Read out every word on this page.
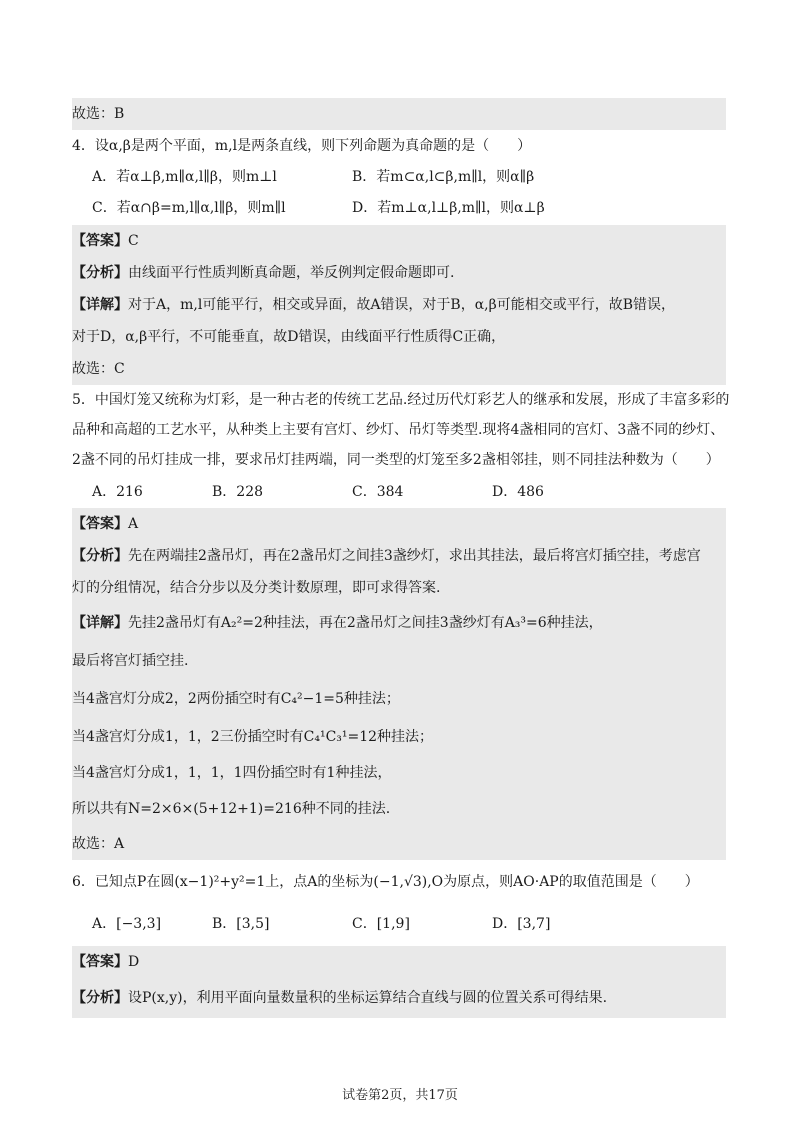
故选：B
4．设α,β是两个平面，m,l是两条直线，则下列命题为真命题的是（　　）
A．若α⊥β,m∥α,l∥β，则m⊥l	B．若m⊂α,l⊂β,m∥l，则α∥β
C．若α∩β=m,l∥α,l∥β，则m∥l	D．若m⊥α,l⊥β,m∥l，则α⊥β
【答案】C
【分析】由线面平行性质判断真命题，举反例判定假命题即可.
【详解】对于A，m,l可能平行，相交或异面，故A错误，对于B，α,β可能相交或平行，故B错误，
对于D，α,β平行，不可能垂直，故D错误，由线面平行性质得C正确，
故选：C
5．中国灯笼又统称为灯彩，是一种古老的传统工艺品.经过历代灯彩艺人的继承和发展，形成了丰富多彩的
品种和高超的工艺水平，从种类上主要有宫灯、纱灯、吊灯等类型.现将4盏相同的宫灯、3盏不同的纱灯、
2盏不同的吊灯挂成一排，要求吊灯挂两端，同一类型的灯笼至多2盏相邻挂，则不同挂法种数为（　　）
A．216	B．228	C．384	D．486
【答案】A
【分析】先在两端挂2盏吊灯，再在2盏吊灯之间挂3盏纱灯，求出其挂法，最后将宫灯插空挂，考虑宫
灯的分组情况，结合分步以及分类计数原理，即可求得答案.
【详解】先挂2盏吊灯有A₂²=2种挂法，再在2盏吊灯之间挂3盏纱灯有A₃³=6种挂法，
最后将宫灯插空挂.
当4盏宫灯分成2，2两份插空时有C₄²−1=5种挂法；
当4盏宫灯分成1，1，2三份插空时有C₄¹C₃¹=12种挂法；
当4盏宫灯分成1，1，1，1四份插空时有1种挂法，
所以共有N=2×6×(5+12+1)=216种不同的挂法.
故选：A
6．已知点P在圆(x−1)²+y²=1上，点A的坐标为(−1,√3),O为原点，则AO·AP的取值范围是（　　）
A．[−3,3]	B．[3,5]	C．[1,9]	D．[3,7]
【答案】D
【分析】设P(x,y)，利用平面向量数量积的坐标运算结合直线与圆的位置关系可得结果.
试卷第2页，共17页
